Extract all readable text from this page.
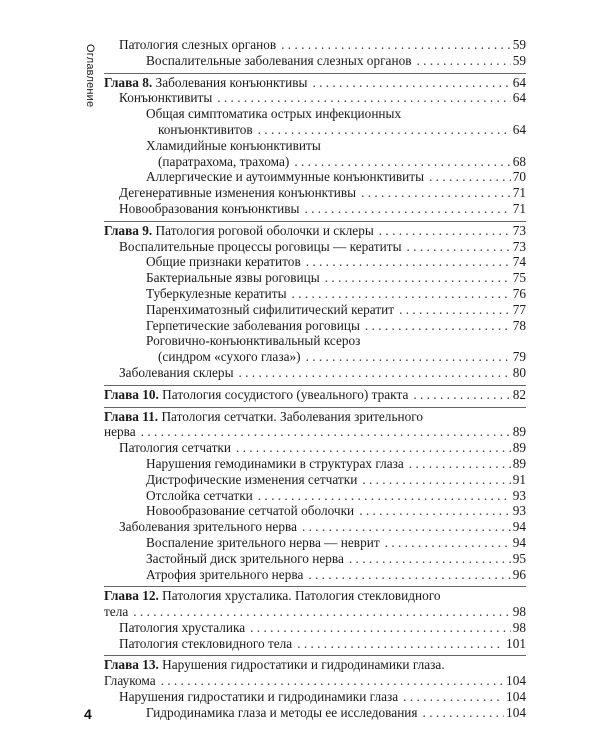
Оглавление Патология слезных органов . . .	59
Воспалительные заболевания слезных органов . . .	59
Глава 8. Заболевания конъюнктивы . . .	64
Конъюнктивиты . . .	64
Общая симптоматика острых инфекционных
конъюнктивитов . . .	64
Хламидийные конъюнктивиты
(паратрахома, трахома) . . .	68
Аллергические и аутоиммунные конъюнктивиты . . .	70
Дегенеративные изменения конъюнктивы . . .	71
Новообразования конъюнктивы . . .	71
Глава 9. Патология роговой оболочки и склеры . . .	73
Воспалительные процессы роговицы — кератиты . . .	73
Общие признаки кератитов . . .	74
Бактериальные язвы роговицы . . .	75
Туберкулезные кератиты . . .	76
Паренхиматозный сифилитический кератит . . .	77
Герпетические заболевания роговицы . . .	78
Роговично-конъюнктивальный ксероз
(синдром «сухого глаза») . . .	79
Заболевания склеры . . .	80
Глава 10. Патология сосудистого (увеального) тракта . . .	82
Глава 11. Патология сетчатки. Заболевания зрительного
нерва . . .	89
Патология сетчатки . . .	89
Нарушения гемодинамики в структурах глаза . . .	89
Дистрофические изменения сетчатки . . .	91
Отслойка сетчатки . . .	93
Новообразование сетчатой оболочки . . .	93
Заболевания зрительного нерва . . .	94
Воспаление зрительного нерва — неврит . . .	94
Застойный диск зрительного нерва . . .	95
Атрофия зрительного нерва . . .	96
Глава 12. Патология хрусталика. Патология стекловидного
тела . . .	98
Патология хрусталика . . .	98
Патология стекловидного тела . . .	101
Глава 13. Нарушения гидростатики и гидродинамики глаза.
Глаукома . . .	104
Нарушения гидростатики и гидродинамики глаза . . .	104
Гидродинамика глаза и методы ее исследования . . .	104
4
